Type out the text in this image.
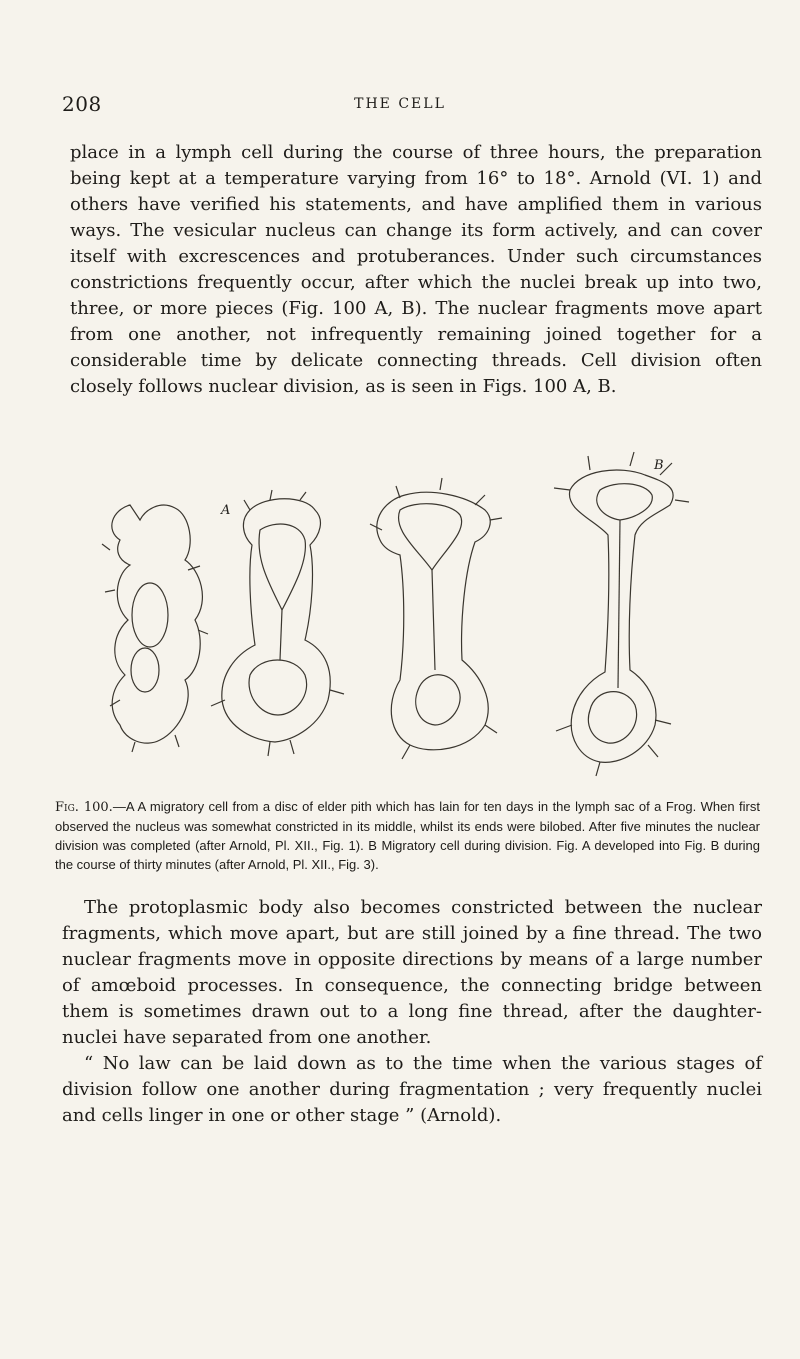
208	THE CELL
place in a lymph cell during the course of three hours, the preparation being kept at a temperature varying from 16° to 18°. Arnold (VI. 1) and others have verified his statements, and have amplified them in various ways. The vesicular nucleus can change its form actively, and can cover itself with excrescences and protuberances. Under such circumstances constrictions frequently occur, after which the nuclei break up into two, three, or more pieces (Fig. 100 A, B). The nuclear fragments move apart from one another, not infrequently remaining joined together for a considerable time by delicate connecting threads. Cell division often closely follows nuclear division, as is seen in Figs. 100 A, B.
A
B
Fig. 100.—A A migratory cell from a disc of elder pith which has lain for ten days in the lymph sac of a Frog. When first observed the nucleus was somewhat constricted in its middle, whilst its ends were bilobed. After five minutes the nuclear division was completed (after Arnold, Pl. XII., Fig. 1). B Migratory cell during division. Fig. A developed into Fig. B during the course of thirty minutes (after Arnold, Pl. XII., Fig. 3).

The protoplasmic body also becomes constricted between the nuclear fragments, which move apart, but are still joined by a fine thread. The two nuclear fragments move in opposite directions by means of a large number of amœboid processes. In consequence, the connecting bridge between them is sometimes drawn out to a long fine thread, after the daughter-nuclei have separated from one another.

“ No law can be laid down as to the time when the various stages of division follow one another during fragmentation ; very frequently nuclei and cells linger in one or other stage ” (Arnold).
